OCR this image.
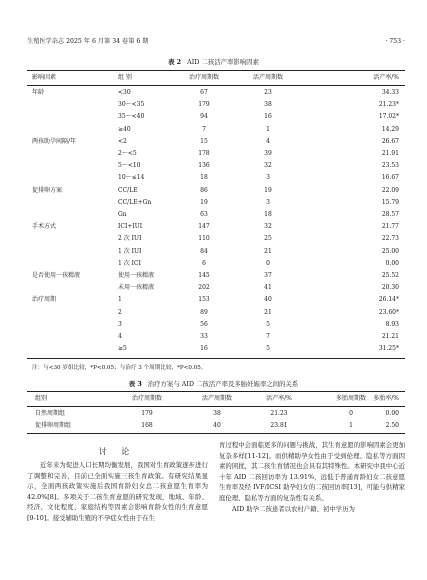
生殖医学杂志 2025 年 6 月第 34 卷第 6 期	· 753 ·
表 2 AID 二孩活产率影响因素
影响因素	组 别	治疗周期数	活产周期数	活产率/%
年龄	<30	67	23	34.33
30～<35	179	38	21.23*
35～<40	94	16	17.02*
≥40	7	1	14.29
两孩助孕间隔/年	<2	15	4	26.67
2～<5	178	39	21.91
5～<10	136	32	23.53
10～≤14	18	3	16.67
促排卵方案	CC/LE	86	19	22.09
CC/LE+Gn	19	3	15.79
Gn	63	18	28.57
手术方式	ICI+IUI	147	32	21.77
2 次 IUI	110	25	22.73
1 次 IUI	84	21	25.00
1 次 ICI	6	0	0.00
是否使用一孩精液	使用一孩精液	145	37	25.52
未用一孩精液	202	41	20.30
治疗周期	1	153	40	26.14*
2	89	21	23.60*
3	56	5	8.93
4	33	7	21.21
≥5	16	5	31.25*
注：与<30 岁组比较，*P<0.05；与治疗 3 个周期比较，*P<0.05。
表 3 治疗方案与 AID 二孩活产率及多胎妊娠率之间的关系
组别	治疗周期数	活产周期数	活产率/%	多胎周期数	多胎率/%
自然周期组	179	38	21.23	0	0.00
促排卵周期组	168	40	23.81	1	2.50
讨 论

近年来为促进人口长期均衡发展，我国对生育政策逐步进行了调整和完善，目前已全面实施三孩生育政策。有研究结果显示，全面两孩政策实施后我国育龄妇女总二孩意愿生育率为 42.0%[8]。多项关于二孩生育意愿的研究发现，地域、年龄、经济、文化程度、家庭结构等因素会影响育龄女性的生育意愿[9-10]。接受辅助生殖的不孕症女性由于在生

育过程中会面临更多的问题与挑战，其生育意愿的影响因素会更加复杂多样[11-12]。而供精助孕女性由于受到伦理、隐私等方面因素的困扰，其二孩生育情况也会具有其特殊性。本研究中我中心近十年 AID 二孩回访率为 13.91%，远低于普通育龄妇女二孩意愿生育率及经 IVF/ICSI 助孕妇女的二孩回访率[13]，可能与供精家庭伦理、隐私等方面的复杂性有关系。

AID 助孕二孩患者以农村户籍、初中学历为
